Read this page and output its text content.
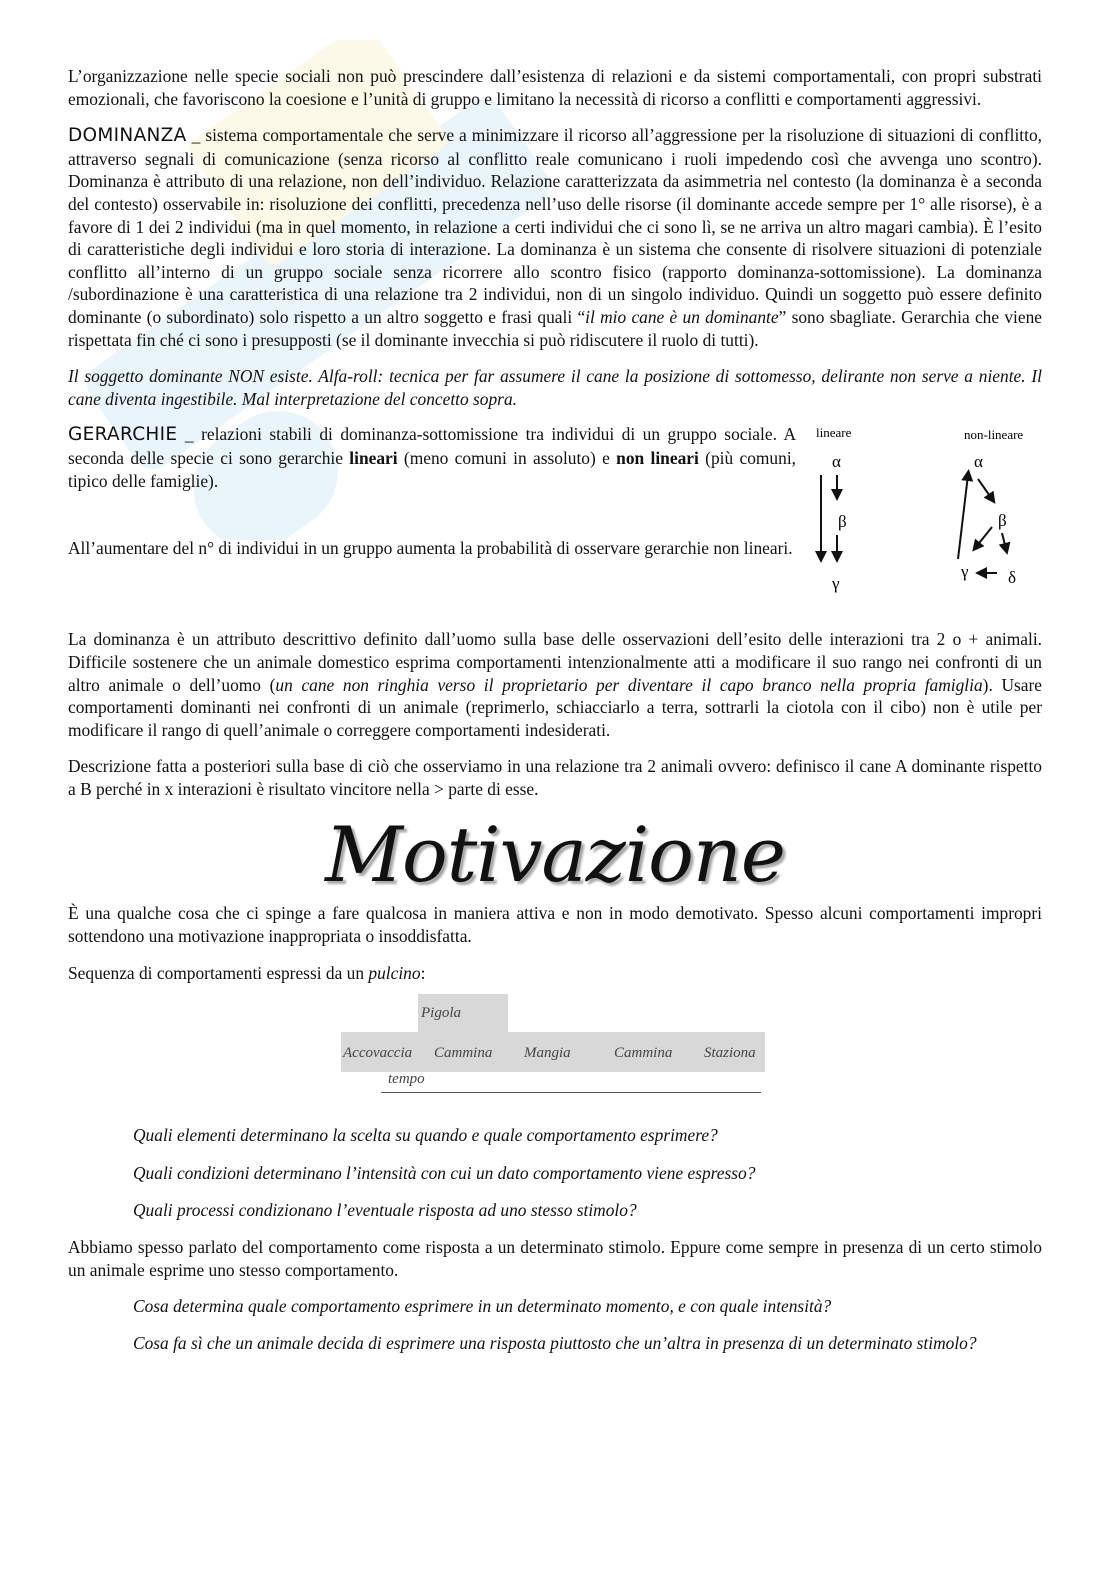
L’organizzazione nelle specie sociali non può prescindere dall’esistenza di relazioni e da sistemi comportamentali, con propri substrati emozionali, che favoriscono la coesione e l’unità di gruppo e limitano la necessità di ricorso a conflitti e comportamenti aggressivi.

DOMINANZA _ sistema comportamentale che serve a minimizzare il ricorso all’aggressione per la risoluzione di situazioni di conflitto, attraverso segnali di comunicazione (senza ricorso al conflitto reale comunicano i ruoli impedendo così che avvenga uno scontro). Dominanza è attributo di una relazione, non dell’individuo. Relazione caratterizzata da asimmetria nel contesto (la dominanza è a seconda del contesto) osservabile in: risoluzione dei conflitti, precedenza nell’uso delle risorse (il dominante accede sempre per 1° alle risorse), è a favore di 1 dei 2 individui (ma in quel momento, in relazione a certi individui che ci sono lì, se ne arriva un altro magari cambia). È l’esito di caratteristiche degli individui e loro storia di interazione. La dominanza è un sistema che consente di risolvere situazioni di potenziale conflitto all’interno di un gruppo sociale senza ricorrere allo scontro fisico (rapporto dominanza-sottomissione). La dominanza /subordinazione è una caratteristica di una relazione tra 2 individui, non di un singolo individuo. Quindi un soggetto può essere definito dominante (o subordinato) solo rispetto a un altro soggetto e frasi quali “il mio cane è un dominante” sono sbagliate. Gerarchia che viene rispettata fin ché ci sono i presupposti (se il dominante invecchia si può ridiscutere il ruolo di tutti).

Il soggetto dominante NON esiste. Alfa-roll: tecnica per far assumere il cane la posizione di sottomesso, delirante non serve a niente. Il cane diventa ingestibile. Mal interpretazione del concetto sopra.

GERARCHIE _ relazioni stabili di dominanza-sottomissione tra individui di un gruppo sociale. A seconda delle specie ci sono gerarchie lineari (meno comuni in assoluto) e non lineari (più comuni, tipico delle famiglie).

All’aumentare del n° di individui in un gruppo aumenta la probabilità di osservare gerarchie non lineari.

lineare	non-lineare
α
β
γ
α
β
γ δ

La dominanza è un attributo descrittivo definito dall’uomo sulla base delle osservazioni dell’esito delle interazioni tra 2 o + animali. Difficile sostenere che un animale domestico esprima comportamenti intenzionalmente atti a modificare il suo rango nei confronti di un altro animale o dell’uomo (un cane non ringhia verso il proprietario per diventare il capo branco nella propria famiglia). Usare comportamenti dominanti nei confronti di un animale (reprimerlo, schiacciarlo a terra, sottrarli la ciotola con il cibo) non è utile per modificare il rango di quell’animale o correggere comportamenti indesiderati.

Descrizione fatta a posteriori sulla base di ciò che osserviamo in una relazione tra 2 animali ovvero: definisco il cane A dominante rispetto a B perché in x interazioni è risultato vincitore nella > parte di esse.

Motivazione

È una qualche cosa che ci spinge a fare qualcosa in maniera attiva e non in modo demotivato. Spesso alcuni comportamenti impropri sottendono una motivazione inappropriata o insoddisfatta.

Sequenza di comportamenti espressi da un pulcino:

Pigola
Accovaccia Cammina Mangia	Cammina Staziona
tempo

Quali elementi determinano la scelta su quando e quale comportamento esprimere?

Quali condizioni determinano l’intensità con cui un dato comportamento viene espresso?

Quali processi condizionano l’eventuale risposta ad uno stesso stimolo?

Abbiamo spesso parlato del comportamento come risposta a un determinato stimolo. Eppure come sempre in presenza di un certo stimolo un animale esprime uno stesso comportamento.

Cosa determina quale comportamento esprimere in un determinato momento, e con quale intensità?

Cosa fa sì che un animale decida di esprimere una risposta piuttosto che un’altra in presenza di un determinato stimolo?
